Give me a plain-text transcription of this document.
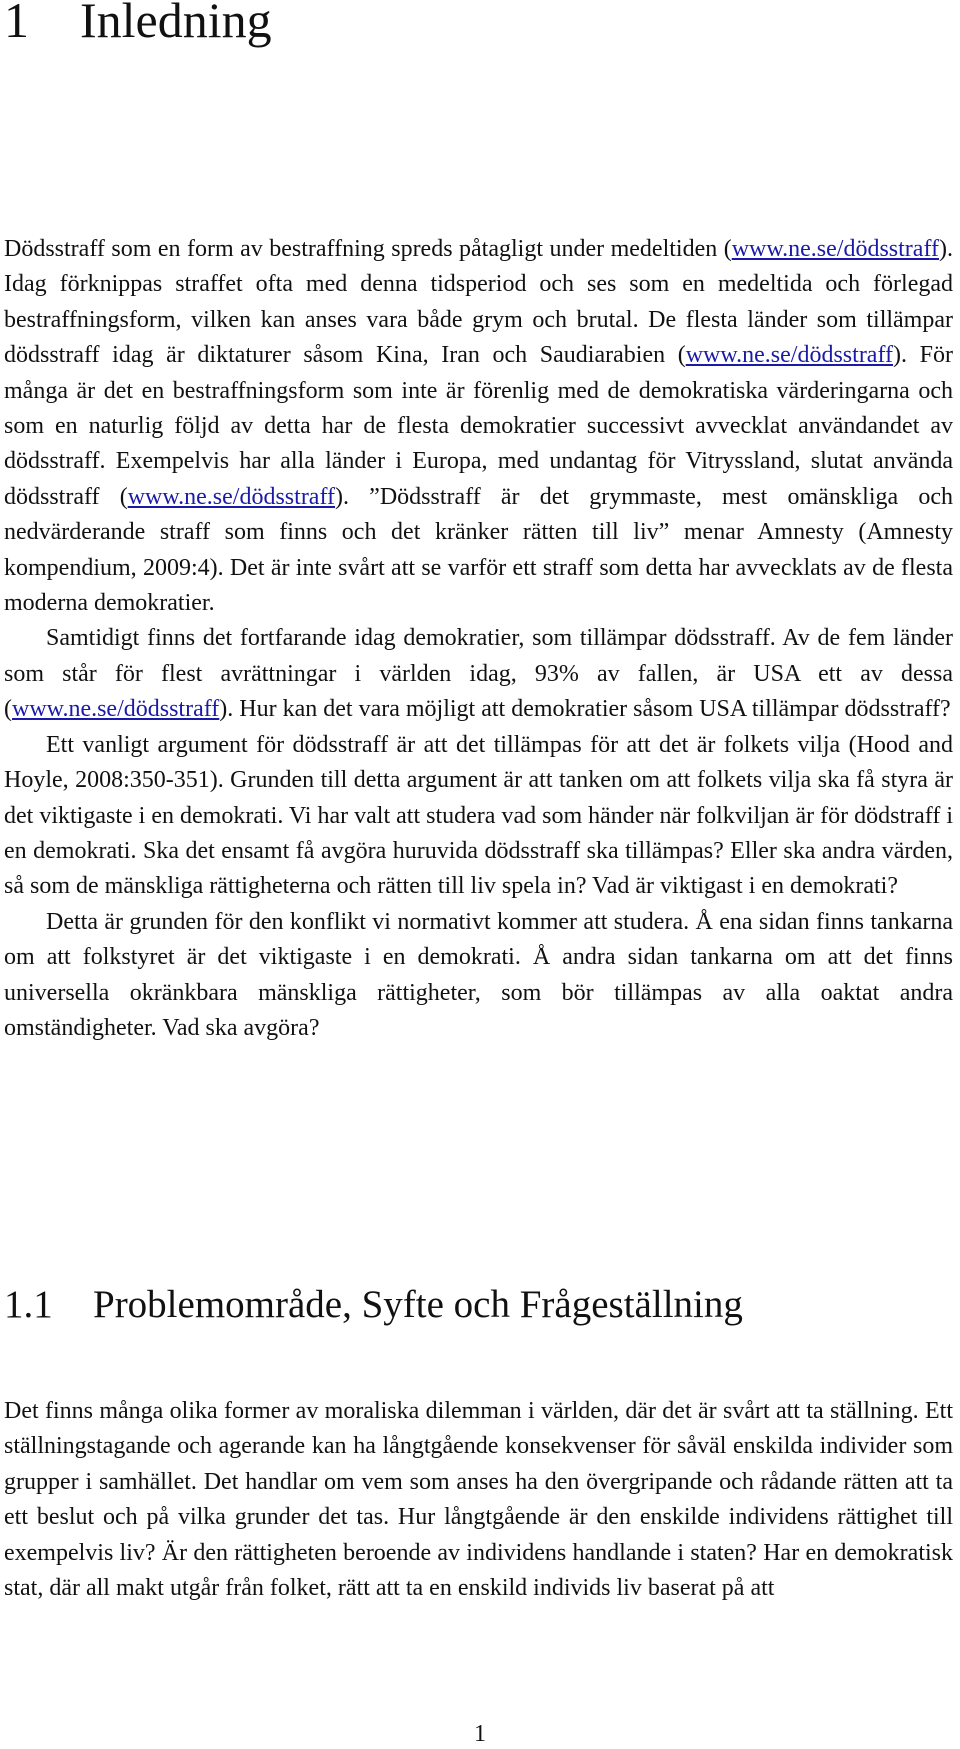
1 Inledning

Dödsstraff som en form av bestraffning spreds påtagligt under medeltiden (www.ne.se/dödsstraff). Idag förknippas straffet ofta med denna tidsperiod och ses som en medeltida och förlegad bestraffningsform, vilken kan anses vara både grym och brutal. De flesta länder som tillämpar dödsstraff idag är diktaturer såsom Kina, Iran och Saudiarabien (www.ne.se/dödsstraff). För många är det en bestraffningsform som inte är förenlig med de demokratiska värderingarna och som en naturlig följd av detta har de flesta demokratier successivt avvecklat användandet av dödsstraff. Exempelvis har alla länder i Europa, med undantag för Vitryssland, slutat använda dödsstraff (www.ne.se/dödsstraff). ”Dödsstraff är det grymmaste, mest omänskliga och nedvärderande straff som finns och det kränker rätten till liv” menar Amnesty (Amnesty kompendium, 2009:4). Det är inte svårt att se varför ett straff som detta har avvecklats av de flesta moderna demokratier.

Samtidigt finns det fortfarande idag demokratier, som tillämpar dödsstraff. Av de fem länder som står för flest avrättningar i världen idag, 93% av fallen, är USA ett av dessa (www.ne.se/dödsstraff). Hur kan det vara möjligt att demokratier såsom USA tillämpar dödsstraff?

Ett vanligt argument för dödsstraff är att det tillämpas för att det är folkets vilja (Hood and Hoyle, 2008:350-351). Grunden till detta argument är att tanken om att folkets vilja ska få styra är det viktigaste i en demokrati. Vi har valt att studera vad som händer när folkviljan är för dödstraff i en demokrati. Ska det ensamt få avgöra huruvida dödsstraff ska tillämpas? Eller ska andra värden, så som de mänskliga rättigheterna och rätten till liv spela in? Vad är viktigast i en demokrati?

Detta är grunden för den konflikt vi normativt kommer att studera. Å ena sidan finns tankarna om att folkstyret är det viktigaste i en demokrati. Å andra sidan tankarna om att det finns universella okränkbara mänskliga rättigheter, som bör tillämpas av alla oaktat andra omständigheter. Vad ska avgöra?

1.1 Problemområde, Syfte och Frågeställning

Det finns många olika former av moraliska dilemman i världen, där det är svårt att ta ställning. Ett ställningstagande och agerande kan ha långtgående konsekvenser för såväl enskilda individer som grupper i samhället. Det handlar om vem som anses ha den övergripande och rådande rätten att ta ett beslut och på vilka grunder det tas. Hur långtgående är den enskilde individens rättighet till exempelvis liv? Är den rättigheten beroende av individens handlande i staten? Har en demokratisk stat, där all makt utgår från folket, rätt att ta en enskild individs liv baserat på att

1
